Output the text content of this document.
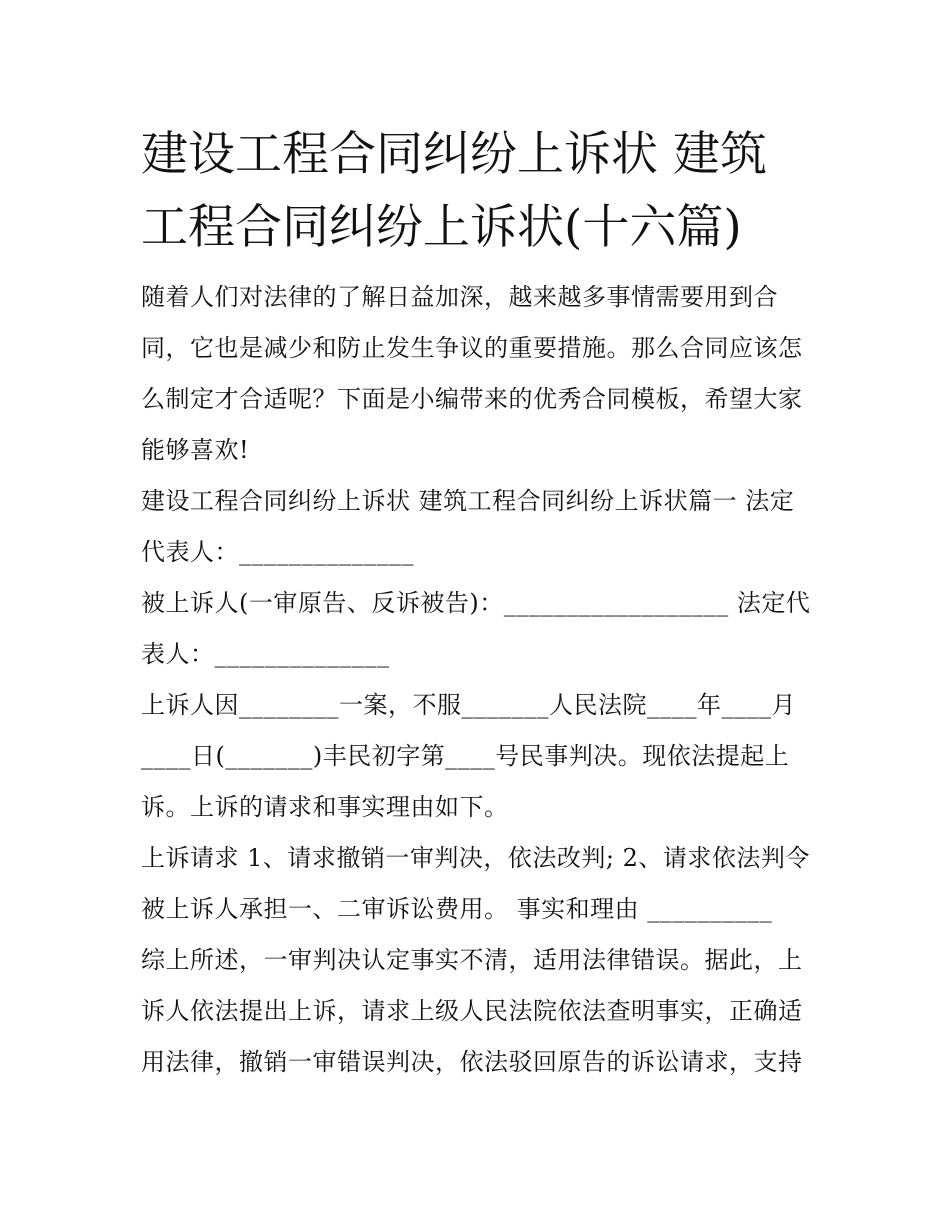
建设工程合同纠纷上诉状 建筑
工程合同纠纷上诉状(十六篇)

随着人们对法律的了解日益加深，越来越多事情需要用到合
同，它也是减少和防止发生争议的重要措施。那么合同应该怎
么制定才合适呢？下面是小编带来的优秀合同模板，希望大家
能够喜欢!

建设工程合同纠纷上诉状 建筑工程合同纠纷上诉状篇一 法定
代表人：______________

被上诉人(一审原告、反诉被告)：__________________ 法定代
表人：______________

上诉人因________一案，不服_______人民法院____年____月
____日(_______)丰民初字第____号民事判决。现依法提起上
诉。上诉的请求和事实理由如下。

上诉请求 1、请求撤销一审判决，依法改判; 2、请求依法判令
被上诉人承担一、二审诉讼费用。 事实和理由 __________

综上所述，一审判决认定事实不清，适用法律错误。据此，上
诉人依法提出上诉，请求上级人民法院依法查明事实，正确适
用法律，撤销一审错误判决，依法驳回原告的诉讼请求，支持
